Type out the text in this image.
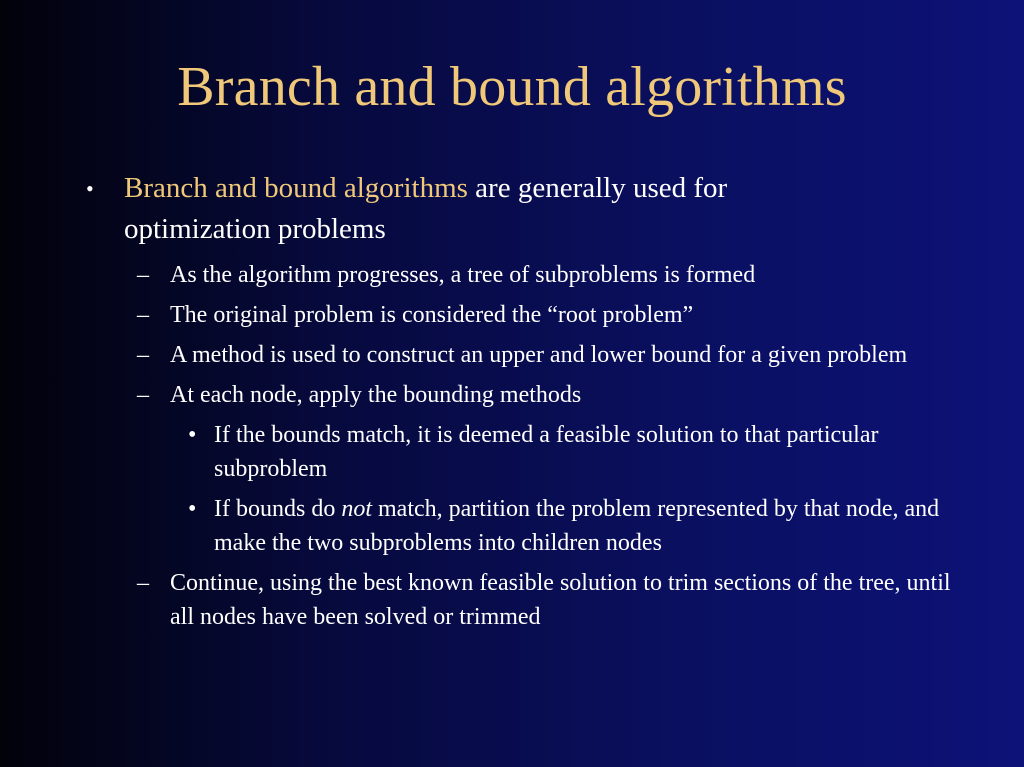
Branch and bound algorithms
• Branch and bound algorithms are generally used for optimization problems
– As the algorithm progresses, a tree of subproblems is formed
– The original problem is considered the “root problem”
– A method is used to construct an upper and lower bound for a given problem
– At each node, apply the bounding methods
• If the bounds match, it is deemed a feasible solution to that particular subproblem
• If bounds do not match, partition the problem represented by that node, and make the two subproblems into children nodes
– Continue, using the best known feasible solution to trim sections of the tree, until all nodes have been solved or trimmed
